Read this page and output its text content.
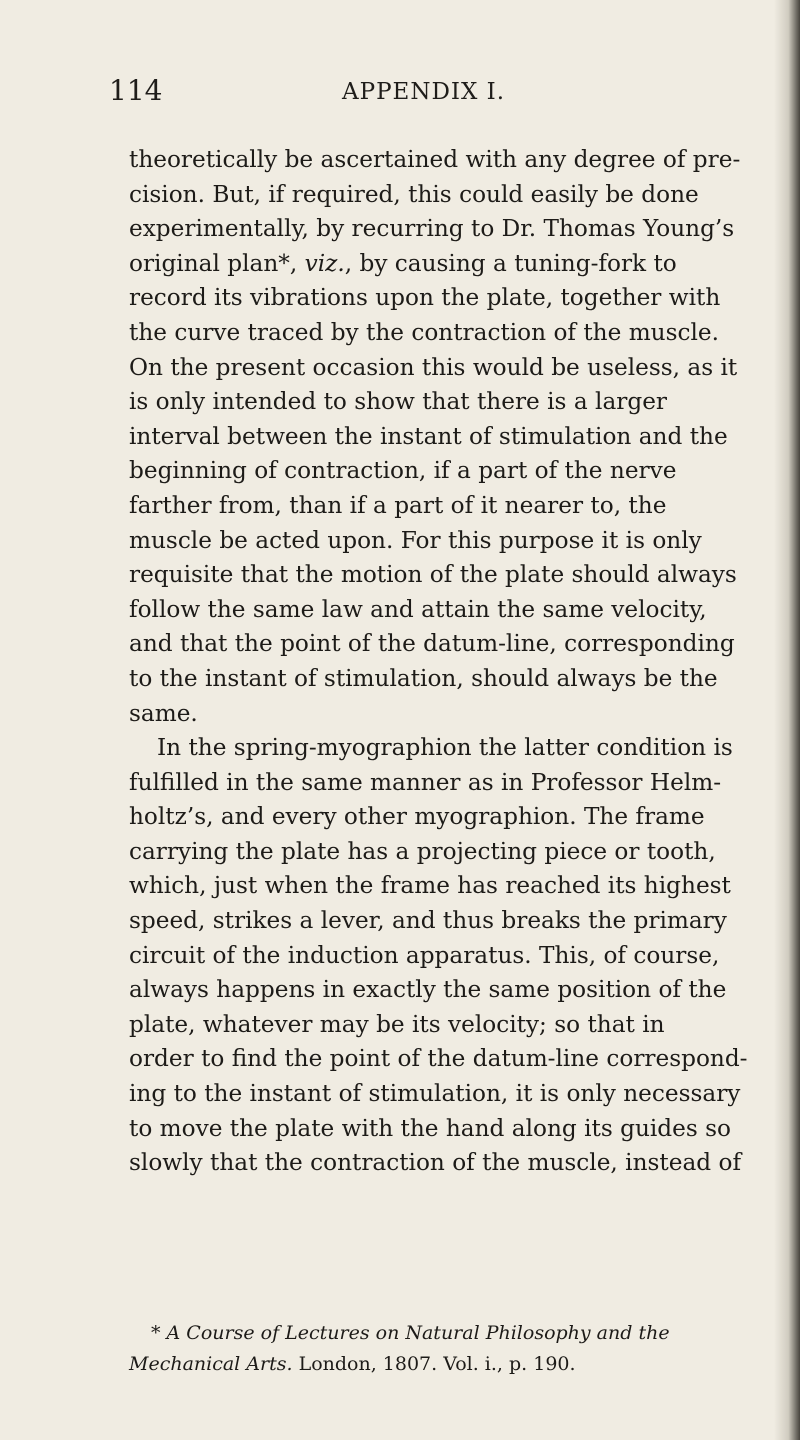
114	APPENDIX I.
theoretically be ascertained with any degree of pre-
cision. But, if required, this could easily be done
experimentally, by recurring to Dr. Thomas Young’s
original plan*, viz., by causing a tuning-fork to
record its vibrations upon the plate, together with
the curve traced by the contraction of the muscle.
On the present occasion this would be useless, as it
is only intended to show that there is a larger
interval between the instant of stimulation and the
beginning of contraction, if a part of the nerve
farther from, than if a part of it nearer to, the
muscle be acted upon. For this purpose it is only
requisite that the motion of the plate should always
follow the same law and attain the same velocity,
and that the point of the datum-line, corresponding
to the instant of stimulation, should always be the
same.
In the spring-myographion the latter condition is
fulfilled in the same manner as in Professor Helm-
holtz’s, and every other myographion. The frame
carrying the plate has a projecting piece or tooth,
which, just when the frame has reached its highest
speed, strikes a lever, and thus breaks the primary
circuit of the induction apparatus. This, of course,
always happens in exactly the same position of the
plate, whatever may be its velocity; so that in
order to find the point of the datum-line correspond-
ing to the instant of stimulation, it is only necessary
to move the plate with the hand along its guides so
slowly that the contraction of the muscle, instead of
* A Course of Lectures on Natural Philosophy and the
Mechanical Arts. London, 1807. Vol. i., p. 190.
